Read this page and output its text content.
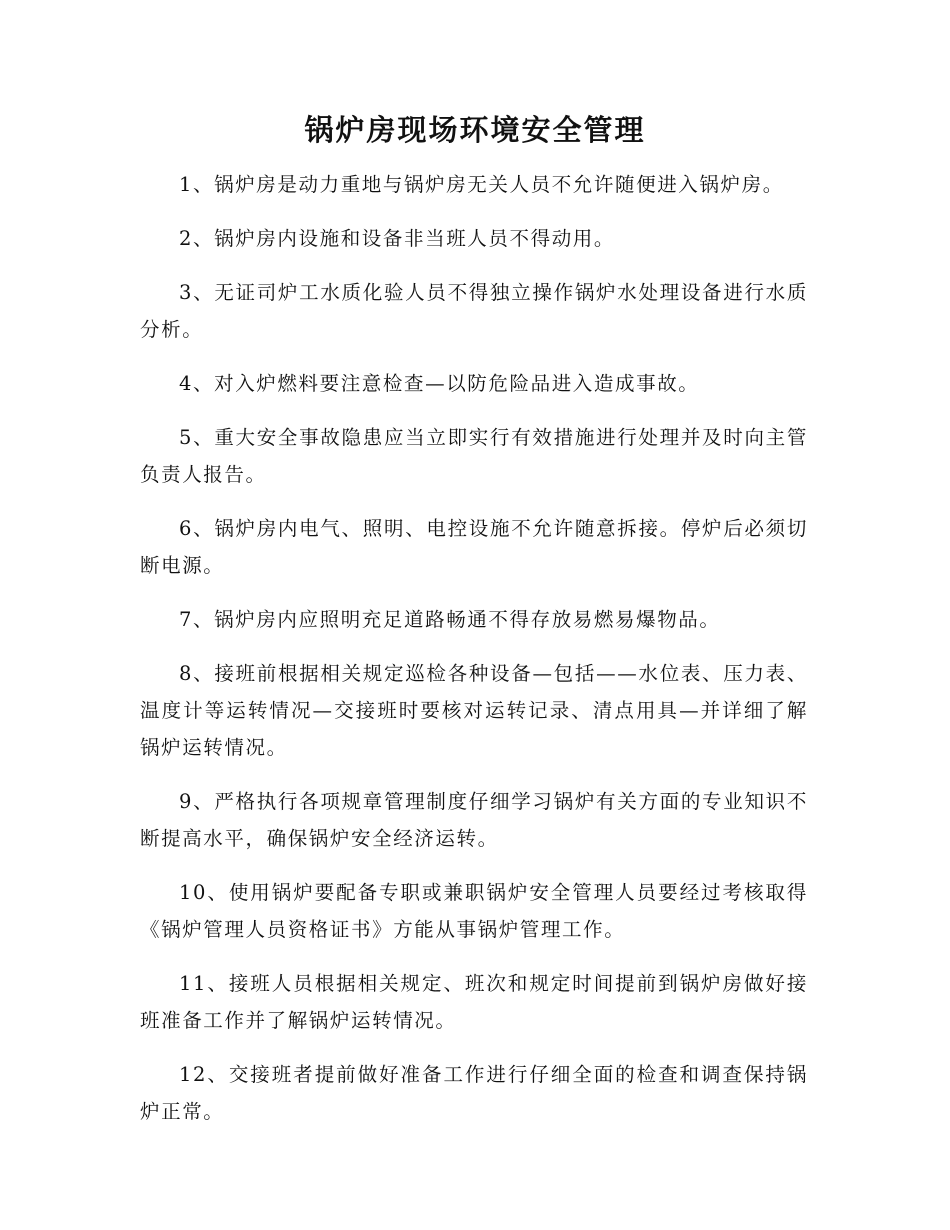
锅炉房现场环境安全管理

1、锅炉房是动力重地与锅炉房无关人员不允许随便进入锅炉房。

2、锅炉房内设施和设备非当班人员不得动用。

3、无证司炉工水质化验人员不得独立操作锅炉水处理设备进行水质分析。

4、对入炉燃料要注意检查—以防危险品进入造成事故。

5、重大安全事故隐患应当立即实行有效措施进行处理并及时向主管负责人报告。

6、锅炉房内电气、照明、电控设施不允许随意拆接。停炉后必须切断电源。

7、锅炉房内应照明充足道路畅通不得存放易燃易爆物品。

8、接班前根据相关规定巡检各种设备—包括——水位表、压力表、温度计等运转情况—交接班时要核对运转记录、清点用具—并详细了解锅炉运转情况。

9、严格执行各项规章管理制度仔细学习锅炉有关方面的专业知识不断提高水平，确保锅炉安全经济运转。

10、使用锅炉要配备专职或兼职锅炉安全管理人员要经过考核取得《锅炉管理人员资格证书》方能从事锅炉管理工作。

11、接班人员根据相关规定、班次和规定时间提前到锅炉房做好接班准备工作并了解锅炉运转情况。

12、交接班者提前做好准备工作进行仔细全面的检查和调查保持锅炉正常。
